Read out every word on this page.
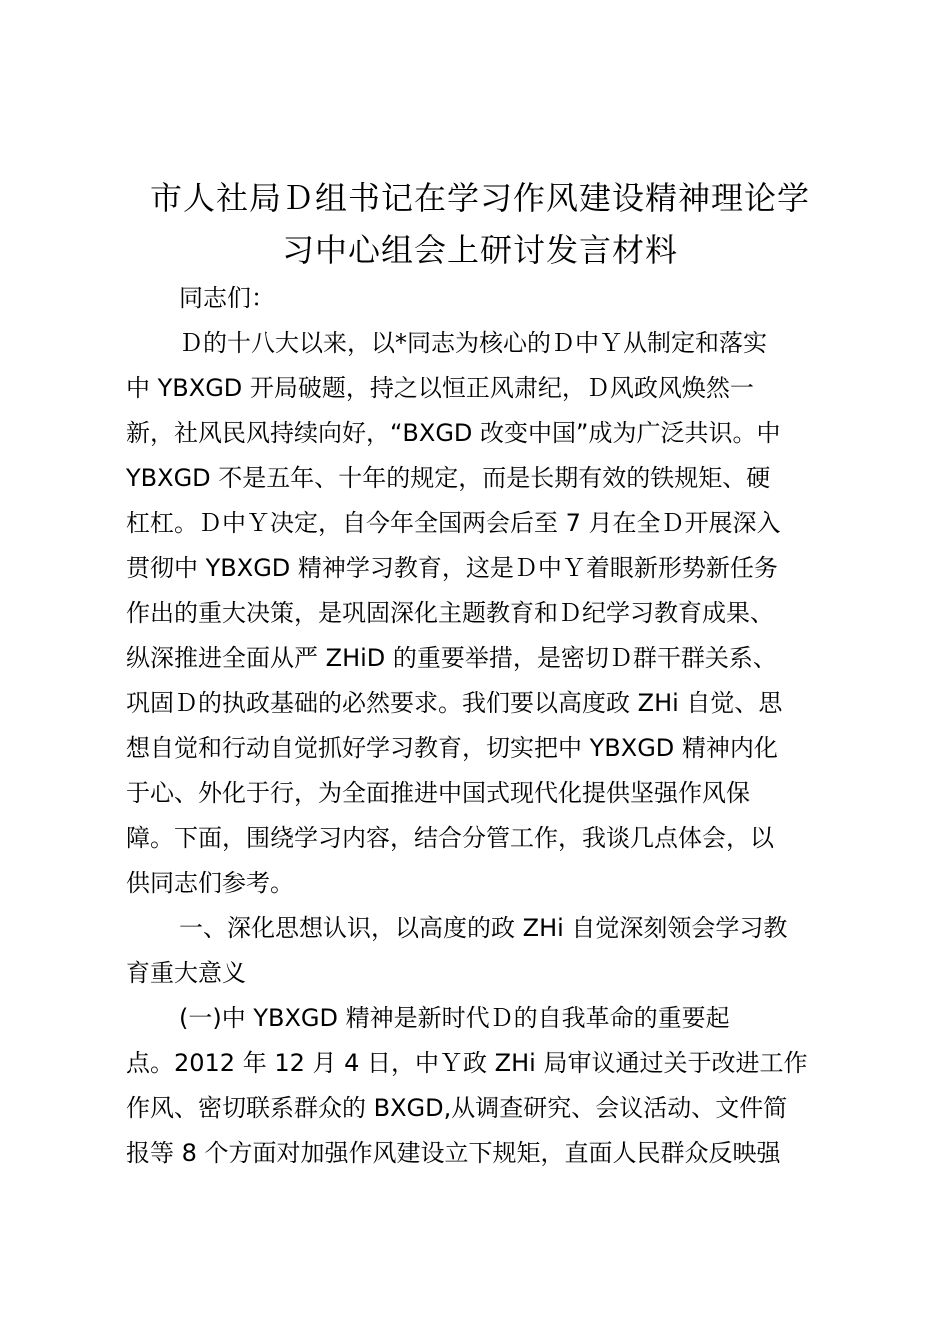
市人社局Ｄ组书记在学习作风建设精神理论学
习中心组会上研讨发言材料
同志们：
Ｄ的十八大以来，以*同志为核心的Ｄ中Ｙ从制定和落实
中 YBXGD 开局破题，持之以恒正风肃纪，Ｄ风政风焕然一
新，社风民风持续向好，“BXGD 改变中国”成为广泛共识。中
YBXGD 不是五年、十年的规定，而是长期有效的铁规矩、硬
杠杠。Ｄ中Ｙ决定，自今年全国两会后至 7 月在全Ｄ开展深入
贯彻中 YBXGD 精神学习教育，这是Ｄ中Ｙ着眼新形势新任务
作出的重大决策，是巩固深化主题教育和Ｄ纪学习教育成果、
纵深推进全面从严 ZHiD 的重要举措，是密切Ｄ群干群关系、
巩固Ｄ的执政基础的必然要求。我们要以高度政 ZHi 自觉、思
想自觉和行动自觉抓好学习教育，切实把中 YBXGD 精神内化
于心、外化于行，为全面推进中国式现代化提供坚强作风保
障。下面，围绕学习内容，结合分管工作，我谈几点体会，以
供同志们参考。
一、深化思想认识，以高度的政 ZHi 自觉深刻领会学习教
育重大意义
(一)中 YBXGD 精神是新时代Ｄ的自我革命的重要起
点。2012 年 12 月 4 日，中Ｙ政 ZHi 局审议通过关于改进工作
作风、密切联系群众的 BXGD,从调查研究、会议活动、文件简
报等 8 个方面对加强作风建设立下规矩，直面人民群众反映强
